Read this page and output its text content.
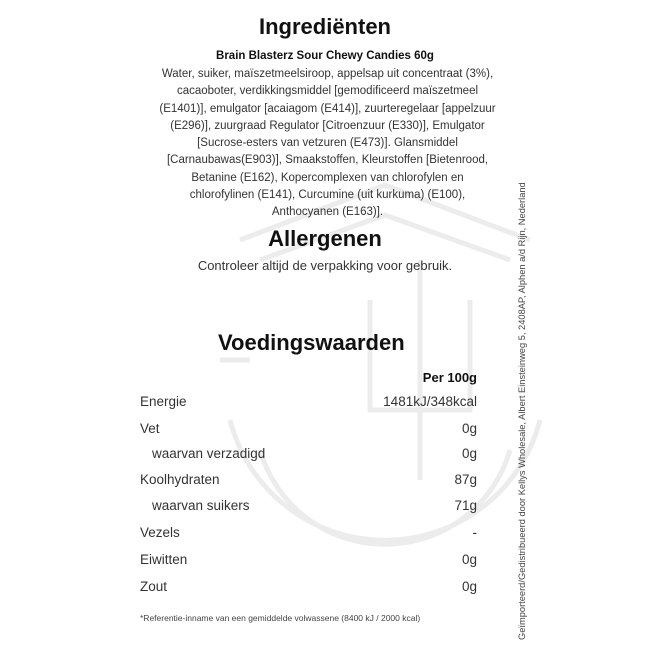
Ingrediënten
Brain Blasterz Sour Chewy Candies 60g

Water, suiker, maïszetmeelsiroop, appelsap uit concentraat (3%),
cacaoboter, verdikkingsmiddel [gemodificeerd maïszetmeel
(E1401)], emulgator [acaiagom (E414)], zuurteregelaar [appelzuur
(E296)], zuurgraad Regulator [Citroenzuur (E330)], Emulgator
[Sucrose-esters van vetzuren (E473)]. Glansmiddel
[Carnaubawas(E903)], Smaakstoffen, Kleurstoffen [Bietenrood,
Betanine (E162), Kopercomplexen van chlorofylen en
chlorofylinen (E141), Curcumine (uit kurkuma) (E100),
Anthocyanen (E163)].

Allergenen
Controleer altijd de verpakking voor gebruik.
Voedingswaarden
Per 100g
Energie	1481kJ/348kcal
Vet	0g
waarvan verzadigd	0g
Koolhydraten	87g
waarvan suikers	71g
Vezels	-
Eiwitten	0g
Zout	0g
*Referentie-inname van een gemiddelde volwassene (8400 kJ / 2000 kcal)	Geïmporteerd/Gedistribueerd door Kellys Wholesale, Albert Einsteinweg 5, 2408AP, Alphen a/d Rijn, Nederland
